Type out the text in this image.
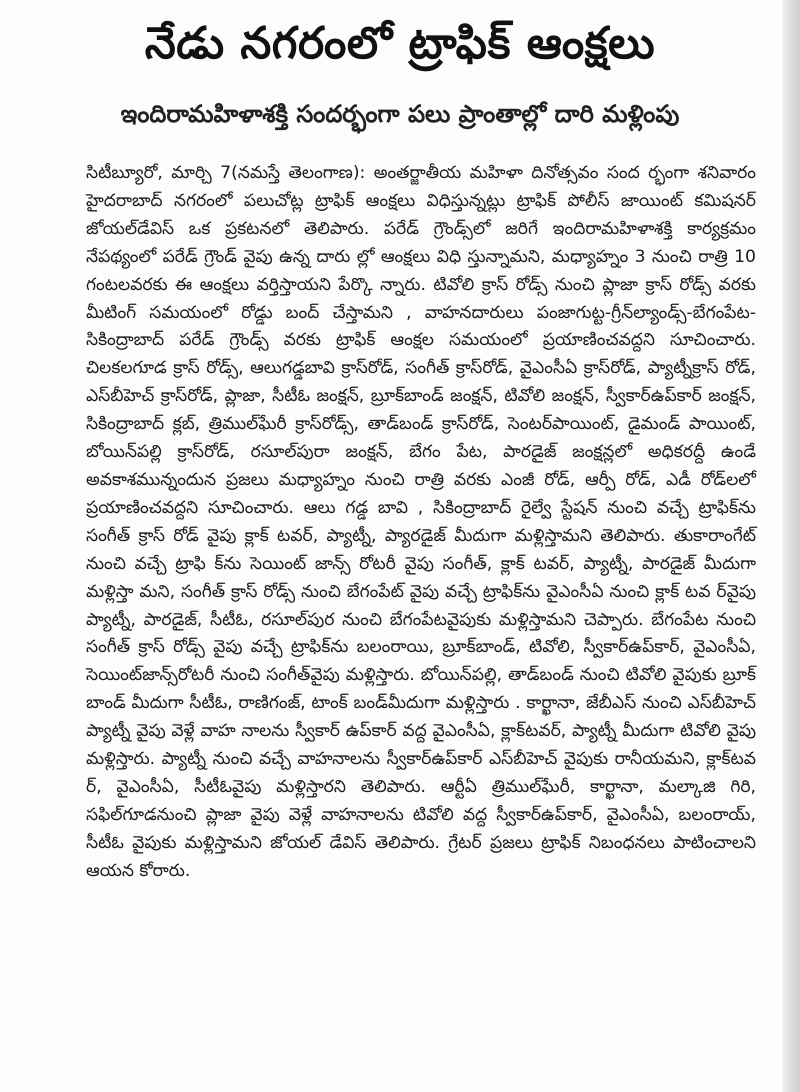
నేడు నగరంలో ట్రాఫిక్ ఆంక్షలు
ఇందిరామహిళాశక్తి సందర్భంగా పలు ప్రాంతాల్లో దారి మళ్లింపు

సిటీబ్యూరో, మార్చి 7(నమస్తే తెలంగాణ): అంతర్జాతీయ మహిళా దినోత్సవం సంద ర్భంగా శనివారం హైదరాబాద్ నగరంలో పలుచోట్ల ట్రాఫిక్ ఆంక్షలు విధిస్తున్నట్లు ట్రాఫిక్ పోలీస్ జాయింట్ కమిషనర్ జోయల్‌డేవిస్ ఒక ప్రకటనలో తెలిపారు. పరేడ్ గ్రౌండ్స్‌లో జరిగే ఇందిరామహిళాశక్తి కార్యక్రమం నేపథ్యంలో పరేడ్ గ్రౌండ్ వైపు ఉన్న దారు ల్లో ఆంక్షలు విధి స్తున్నామని, మధ్యాహ్నం 3 నుంచి రాత్రి 10 గంటలవరకు ఈ ఆంక్షలు వర్తిస్తాయని పేర్కొ న్నారు. టివోలి క్రాస్ రోడ్స్ నుంచి ప్లాజా క్రాస్ రోడ్స్ వరకు మీటింగ్ సమయంలో రోడ్డు బంద్ చేస్తామని , వాహనదారులు పంజాగుట్ట-గ్రీన్‌ల్యాండ్స్-బేగంపేట-సికింద్రాబాద్ పరేడ్ గ్రౌండ్స్ వరకు ట్రాఫిక్ ఆంక్షల సమయంలో ప్రయాణించవద్దని సూచించారు. చిలకలగూడ క్రాస్ రోడ్స్, ఆలుగడ్డబావి క్రాస్‌రోడ్, సంగీత్ క్రాస్‌రోడ్, వైఎంసీఏ క్రాస్‌రోడ్, ప్యాట్నీక్రాస్ రోడ్, ఎస్‌బీహెచ్ క్రాస్‌రోడ్, ప్లాజా, సీటీఓ జంక్షన్, బ్రూక్‌బాండ్ జంక్షన్, టివోలి జంక్షన్, స్వీకార్‌ఉప్‌కార్ జంక్షన్, సికింద్రాబాద్ క్లబ్, త్రిముల్‌ఘేరీ క్రాస్‌రోడ్స్, తాడ్‌బండ్ క్రాస్‌రోడ్, సెంటర్‌పాయింట్, డైమండ్ పాయింట్, బోయిన్‌పల్లి క్రాస్‌రోడ్, రసూల్‌పురా జంక్షన్, బేగం పేట, పారడైజ్ జంక్షన్లలో అధికరద్దీ ఉండే అవకాశమున్నందున ప్రజలు మధ్యాహ్నం నుంచి రాత్రి వరకు ఎంజీ రోడ్, ఆర్పీ రోడ్, ఎడీ రోడ్‌లలో ప్రయాణించవద్దని సూచించారు. ఆలు గడ్డ బావి , సికింద్రాబాద్ రైల్వే స్టేషన్ నుంచి వచ్చే ట్రాఫిక్‌ను సంగీత్ క్రాస్ రోడ్ వైపు క్లాక్ టవర్, ప్యాట్నీ, ప్యారడైజ్ మీదుగా మళ్లిస్తామని తెలిపారు. తుకారాంగేట్ నుంచి వచ్చే ట్రాఫి క్‌ను సెయింట్ జాన్స్ రోటరీ వైపు సంగీత్, క్లాక్ టవర్, ప్యాట్నీ, పారడైజ్ మీదుగా మళ్లిస్తా మని, సంగీత్ క్రాస్ రోడ్స్ నుంచి బేగంపేట్ వైపు వచ్చే ట్రాఫిక్‌ను వైఎంసీఏ నుంచి క్లాక్ టవ ర్‌వైపు ప్యాట్నీ, పారడైజ్, సీటీఓ, రసూల్‌పుర నుంచి బేగంపేటవైపుకు మళ్లిస్తామని చెప్పారు. బేగంపేట నుంచి సంగీత్ క్రాస్ రోడ్స్ వైపు వచ్చే ట్రాఫిక్‌ను బలంరాయి, బ్రూక్‌బాండ్, టివోలి, స్వీకార్‌ఉప్‌కార్, వైఎంసీఏ, సెయింట్‌జాన్స్‌రోటరీ నుంచి సంగీత్‌వైపు మళ్లిస్తారు. బోయిన్‌పల్లి, తాడ్‌బండ్ నుంచి టివోలి వైపుకు బ్రూక్ బాండ్ మీదుగా సీటీఓ, రాణిగంజ్, టాంక్ బండ్‌మీదుగా మళ్లిస్తారు . కార్ఖానా, జేబీఎస్ నుంచి ఎస్‌బీహెచ్ ప్యాట్నీ వైపు వెళ్లే వాహ నాలను స్వీకార్ ఉప్‌కార్ వద్ద వైఎంసీఏ, క్లాక్‌టవర్, ప్యాట్నీ మీదుగా టివోలి వైపు మళ్లిస్తారు. ప్యాట్నీ నుంచి వచ్చే వాహనాలను స్వీకార్‌ఉప్‌కార్ ఎస్‌బీహెచ్ వైపుకు రానీయమని, క్లాక్‌టవ ర్, వైఎంసీఏ, సీటీఓవైపు మళ్లిస్తారని తెలిపారు. ఆర్టీఏ త్రిముల్‌ఘేరీ, కార్ఖానా, మల్కాజి గిరి, సఫిల్‌గూడనుంచి ప్లాజా వైపు వెళ్లే వాహనాలను టివోలి వద్ద స్వీకార్‌ఉప్‌కార్, వైఎంసీఏ, బలంరాయ్, సీటీఓ వైపుకు మళ్లిస్తామని జోయల్ డేవిస్ తెలిపారు. గ్రేటర్ ప్రజలు ట్రాఫిక్ నిబంధనలు పాటించాలని ఆయన కోరారు.
